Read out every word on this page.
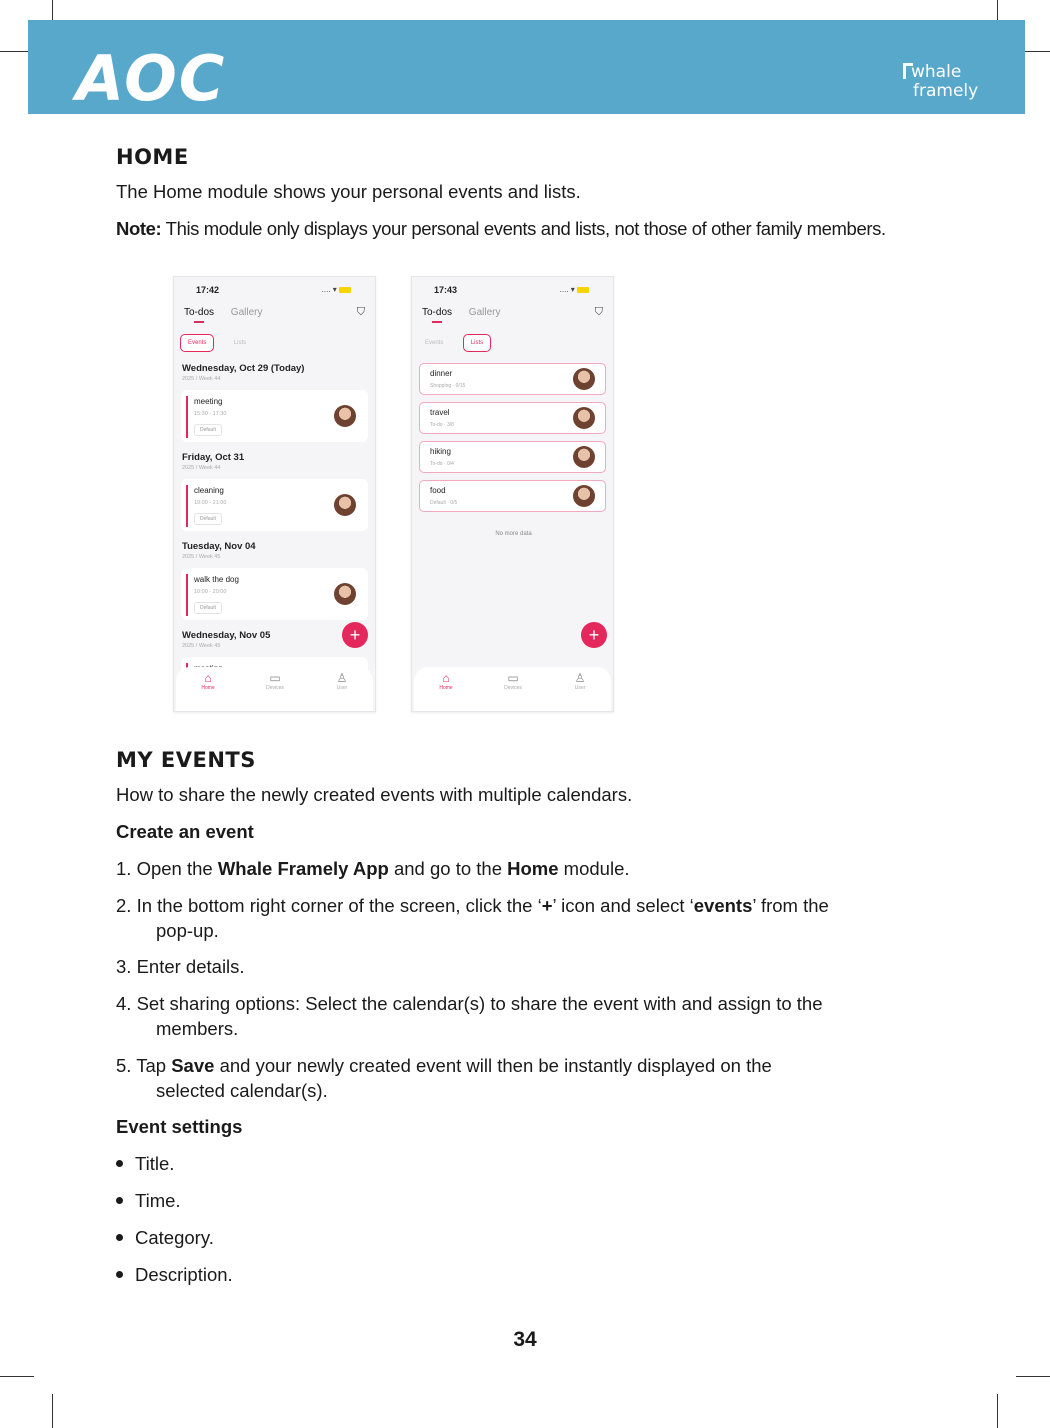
AOC	whale
framely
HOME

The Home module shows your personal events and lists.

Note: This module only displays your personal events and lists, not those of other family members.

17:42	.... ▾
To-dos Gallery	⛉
Events	Lists
Wednesday, Oct 29 (Today)
2025 / Week 44
meeting
15:30 - 17:30
Default
Friday, Oct 31
2025 / Week 44
cleaning
19:00 - 21:00
Default
Tuesday, Nov 04
2025 / Week 45
walk the dog
10:00 - 20:00
Default
Wednesday, Nov 05
2025 / Week 45
+
⌂
Home
▭
Devices
♙
User
17:43	.... ▾
To-dos Gallery	⛉
Events	Lists
dinner
Shopping · 0/15
travel
To-do · 3/8
hiking
To-do · 0/4
food
Default · 0/5
No more data
+
⌂
Home
▭
Devices
♙
User
MY EVENTS

How to share the newly created events with multiple calendars.

Create an event

1. Open the Whale Framely App and go to the Home module.

2. In the bottom right corner of the screen, click the ‘+’ icon and select ‘events’ from the
pop-up.

3. Enter details.

4. Set sharing options: Select the calendar(s) to share the event with and assign to the
members.

5. Tap Save and your newly created event will then be instantly displayed on the
selected calendar(s).

Event settings

Title.

Time.

Category.

Description.

34
